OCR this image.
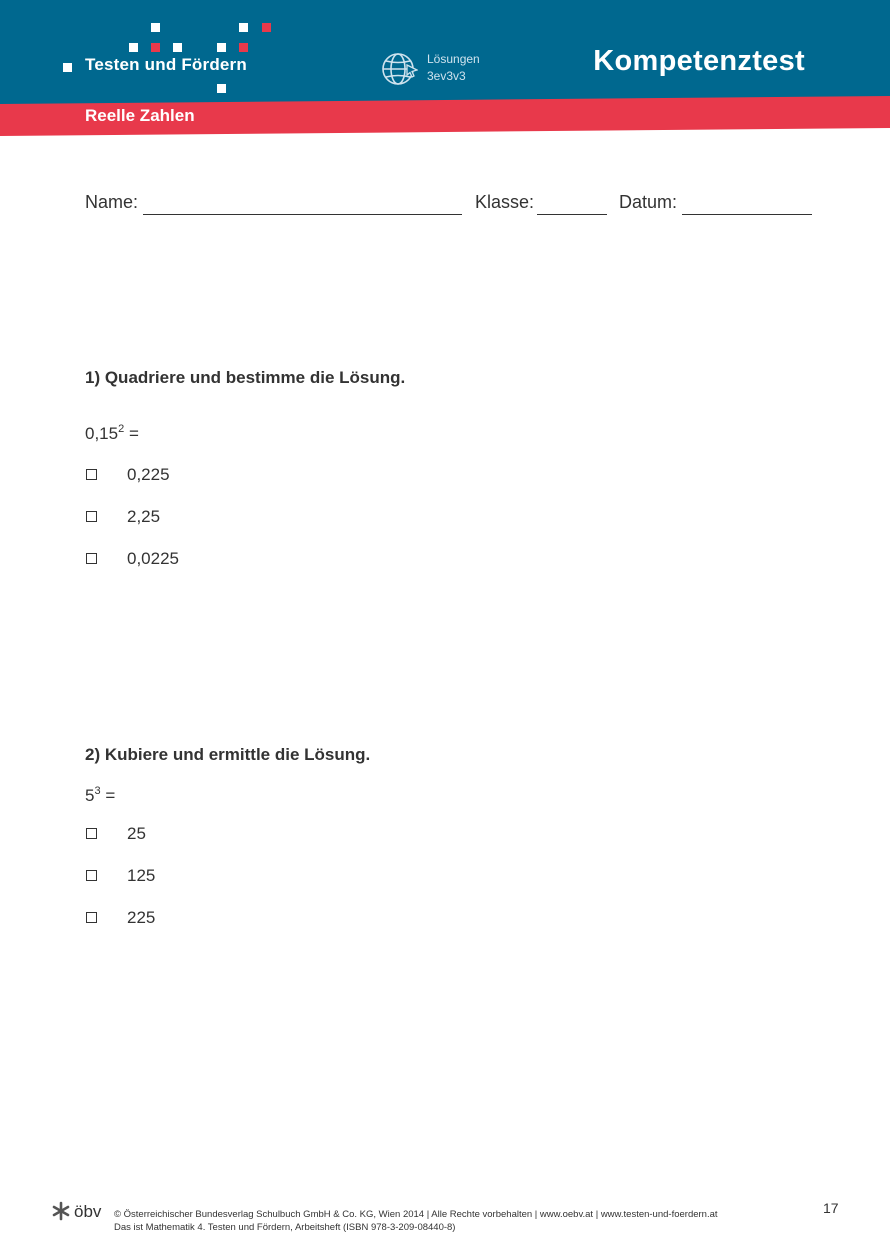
Testen und Fördern	Lösungen
3ev3v3	Kompetenztest
Reelle Zahlen
Name:	Klasse:	Datum:
1) Quadriere und bestimme die Lösung.
$0,15^2$ =
0,225
2,25
0,0225
2) Kubiere und ermittle die Lösung.
$5^3$ =
25
125
225
öbv © Österreichischer Bundesverlag Schulbuch GmbH & Co. KG, Wien 2014 | Alle Rechte vorbehalten | www.oebv.at | www.testen-und-foerdern.at
Das ist Mathematik 4. Testen und Fördern, Arbeitsheft (ISBN 978-3-209-08440-8)
17
